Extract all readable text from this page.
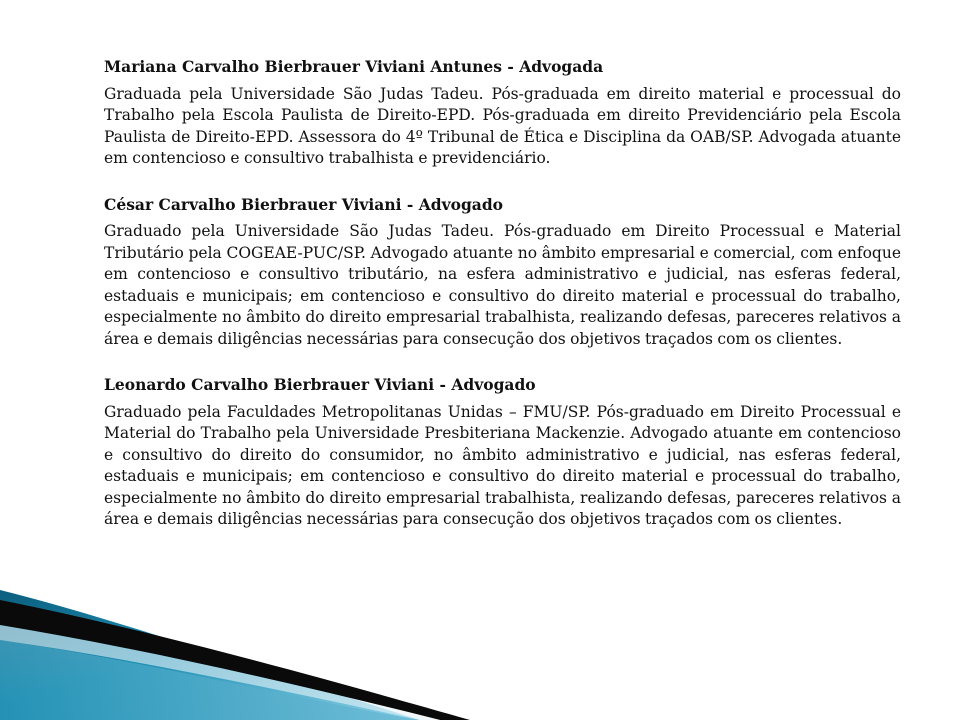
Mariana Carvalho Bierbrauer Viviani Antunes - Advogada

Graduada pela Universidade São Judas Tadeu. Pós-graduada em direito material e processual do Trabalho pela Escola Paulista de Direito-EPD. Pós-graduada em direito Previdenciário pela Escola Paulista de Direito-EPD. Assessora do 4º Tribunal de Ética e Disciplina da OAB/SP. Advogada atuante em contencioso e consultivo trabalhista e previdenciário.

César Carvalho Bierbrauer Viviani - Advogado

Graduado pela Universidade São Judas Tadeu. Pós-graduado em Direito Processual e Material Tributário pela COGEAE-PUC/SP. Advogado atuante no âmbito empresarial e comercial, com enfoque em contencioso e consultivo tributário, na esfera administrativo e judicial, nas esferas federal, estaduais e municipais; em contencioso e consultivo do direito material e processual do trabalho, especialmente no âmbito do direito empresarial trabalhista, realizando defesas, pareceres relativos a área e demais diligências necessárias para consecução dos objetivos traçados com os clientes.

Leonardo Carvalho Bierbrauer Viviani - Advogado

Graduado pela Faculdades Metropolitanas Unidas – FMU/SP. Pós-graduado em Direito Processual e Material do Trabalho pela Universidade Presbiteriana Mackenzie. Advogado atuante em contencioso e consultivo do direito do consumidor, no âmbito administrativo e judicial, nas esferas federal, estaduais e municipais; em contencioso e consultivo do direito material e processual do trabalho, especialmente no âmbito do direito empresarial trabalhista, realizando defesas, pareceres relativos a área e demais diligências necessárias para consecução dos objetivos traçados com os clientes.
